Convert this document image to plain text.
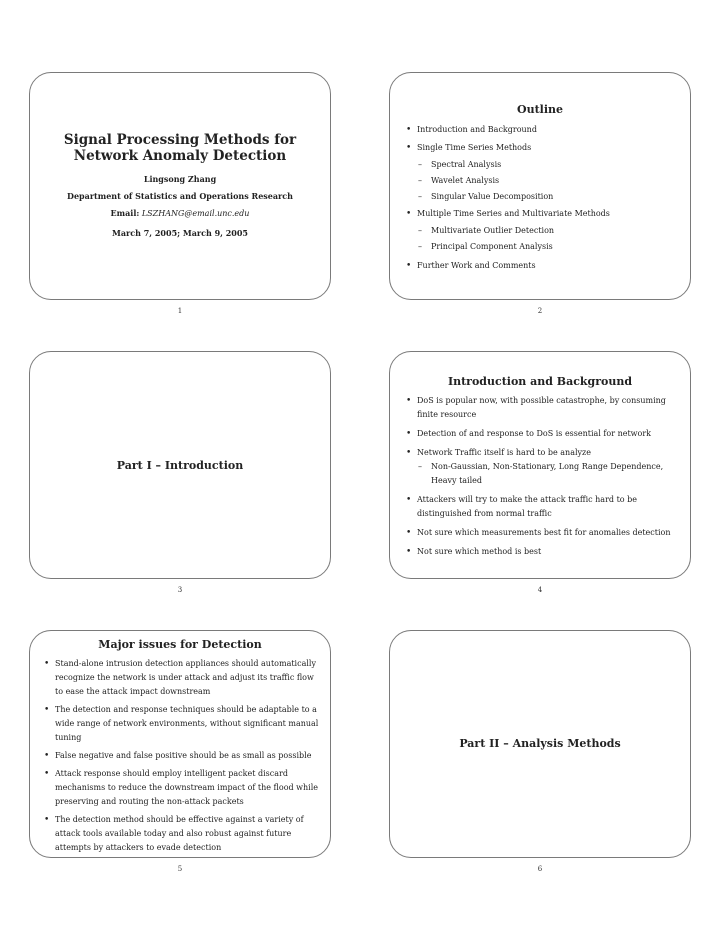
Signal Processing Methods for Network Anomaly Detection
Lingsong Zhang
Department of Statistics and Operations Research
Email: LSZHANG@email.unc.edu
March 7, 2005; March 9, 2005
1
Outline
• Introduction and Background
• Single Time Series Methods
– Spectral Analysis
– Wavelet Analysis
– Singular Value Decomposition
• Multiple Time Series and Multivariate Methods
– Multivariate Outlier Detection
– Principal Component Analysis
• Further Work and Comments
2
Part I – Introduction
3
Introduction and Background
• DoS is popular now, with possible catastrophe, by consuming finite resource
• Detection of and response to DoS is essential for network
• Network Traffic itself is hard to be analyze
– Non-Gaussian, Non-Stationary, Long Range Dependence, Heavy tailed
• Attackers will try to make the attack traffic hard to be distinguished from normal traffic
• Not sure which measurements best fit for anomalies detection
• Not sure which method is best
4
Major issues for Detection
• Stand-alone intrusion detection appliances should automatically recognize the network is under attack and adjust its traffic flow to ease the attack impact downstream
• The detection and response techniques should be adaptable to a wide range of network environments, without significant manual tuning
• False negative and false positive should be as small as possible
• Attack response should employ intelligent packet discard mechanisms to reduce the downstream impact of the flood while preserving and routing the non-attack packets
• The detection method should be effective against a variety of attack tools available today and also robust against future attempts by attackers to evade detection
5
Part II – Analysis Methods
6
